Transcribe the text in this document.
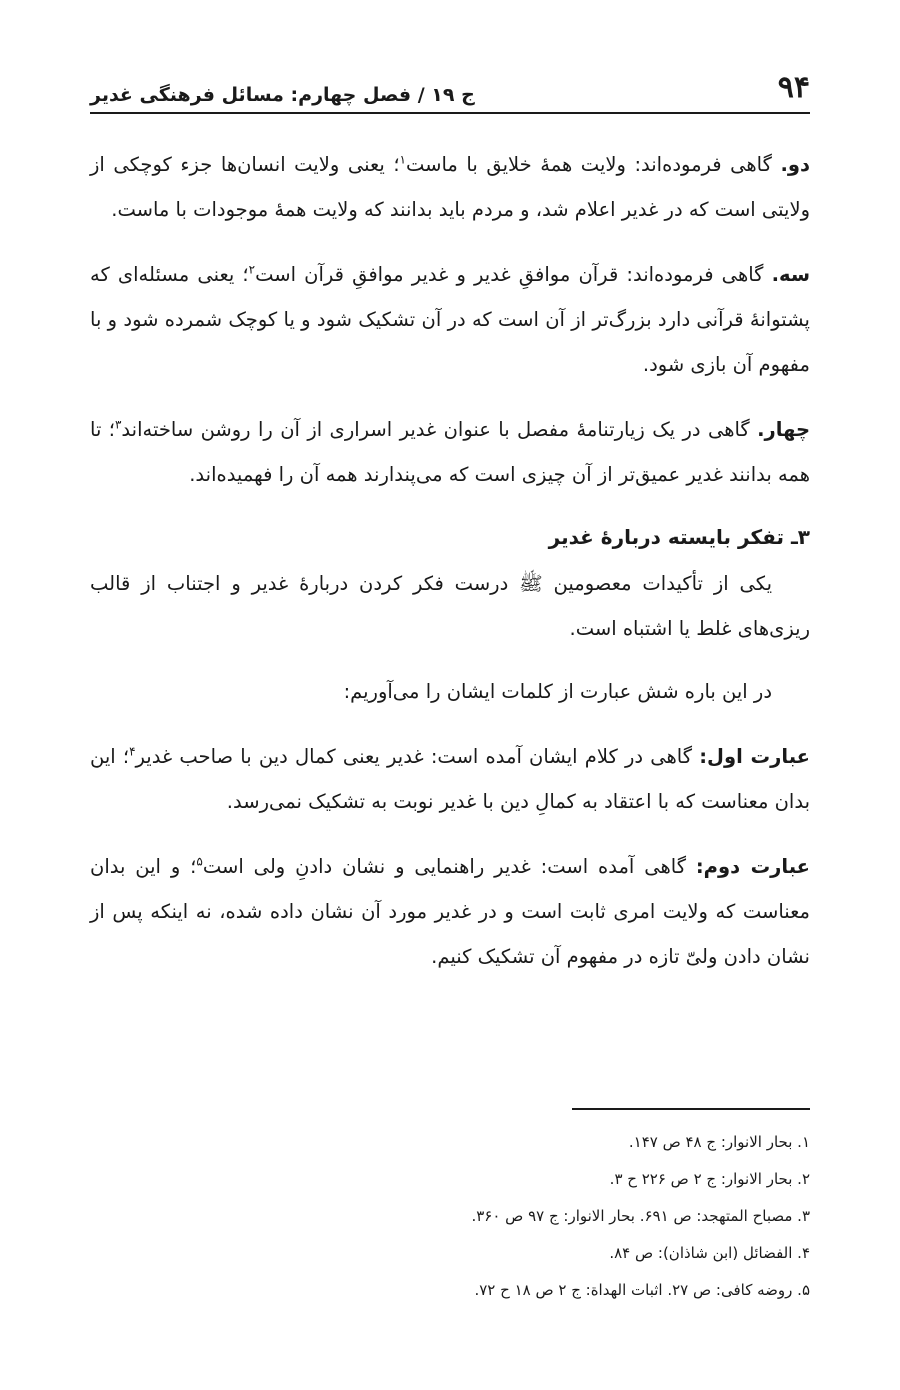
۹۴
ج ۱۹ / فصل چهارم: مسائل فرهنگی غدیر

دو. گاهی فرموده‌اند: ولایت همهٔ خلایق با ماست$^۱$؛ یعنی ولایت انسان‌ها جزء کوچکی از ولایتی است که در غدیر اعلام شد، و مردم باید بدانند که ولایت همهٔ موجودات با ماست.

سه. گاهی فرموده‌اند: قرآن موافقِ غدیر و غدیر موافقِ قرآن است$^۲$؛ یعنی مسئله‌ای که پشتوانهٔ قرآنی دارد بزرگ‌تر از آن است که در آن تشکیک شود و یا کوچک شمرده شود و با مفهوم آن بازی شود.

چهار. گاهی در یک زیارتنامهٔ مفصل با عنوان غدیر اسراری از آن را روشن ساخته‌اند$^۳$؛ تا همه بدانند غدیر عمیق‌تر از آن چیزی است که می‌پندارند همه آن را فهمیده‌اند.

۳ـ تفکر بایسته دربارهٔ غدیر

یکی از تأکیدات معصومین ﷺ درست فکر کردن دربارهٔ غدیر و اجتناب از قالب ریزی‌های غلط یا اشتباه است.

در این باره شش عبارت از کلمات ایشان را می‌آوریم:

عبارت اول: گاهی در کلام ایشان آمده است: غدیر یعنی کمال دین با صاحب غدیر$^۴$؛ این بدان معناست که با اعتقاد به کمالِ دین با غدیر نوبت به تشکیک نمی‌رسد.

عبارت دوم: گاهی آمده است: غدیر راهنمایی و نشان دادنِ ولی است$^۵$؛ و این بدان معناست که ولایت امری ثابت است و در غدیر مورد آن نشان داده شده، نه اینکه پس از نشان دادن ولیّ تازه در مفهوم آن تشکیک کنیم.

۱. بحار الانوار: ج ۴۸ ص ۱۴۷.
۲. بحار الانوار: ج ۲ ص ۲۲۶ ح ۳.
۳. مصباح المتهجد: ص ۶۹۱. بحار الانوار: ج ۹۷ ص ۳۶۰.
۴. الفضائل (ابن شاذان): ص ۸۴.
۵. روضه کافی: ص ۲۷. اثبات الهداة: ج ۲ ص ۱۸ ح ۷۲.
